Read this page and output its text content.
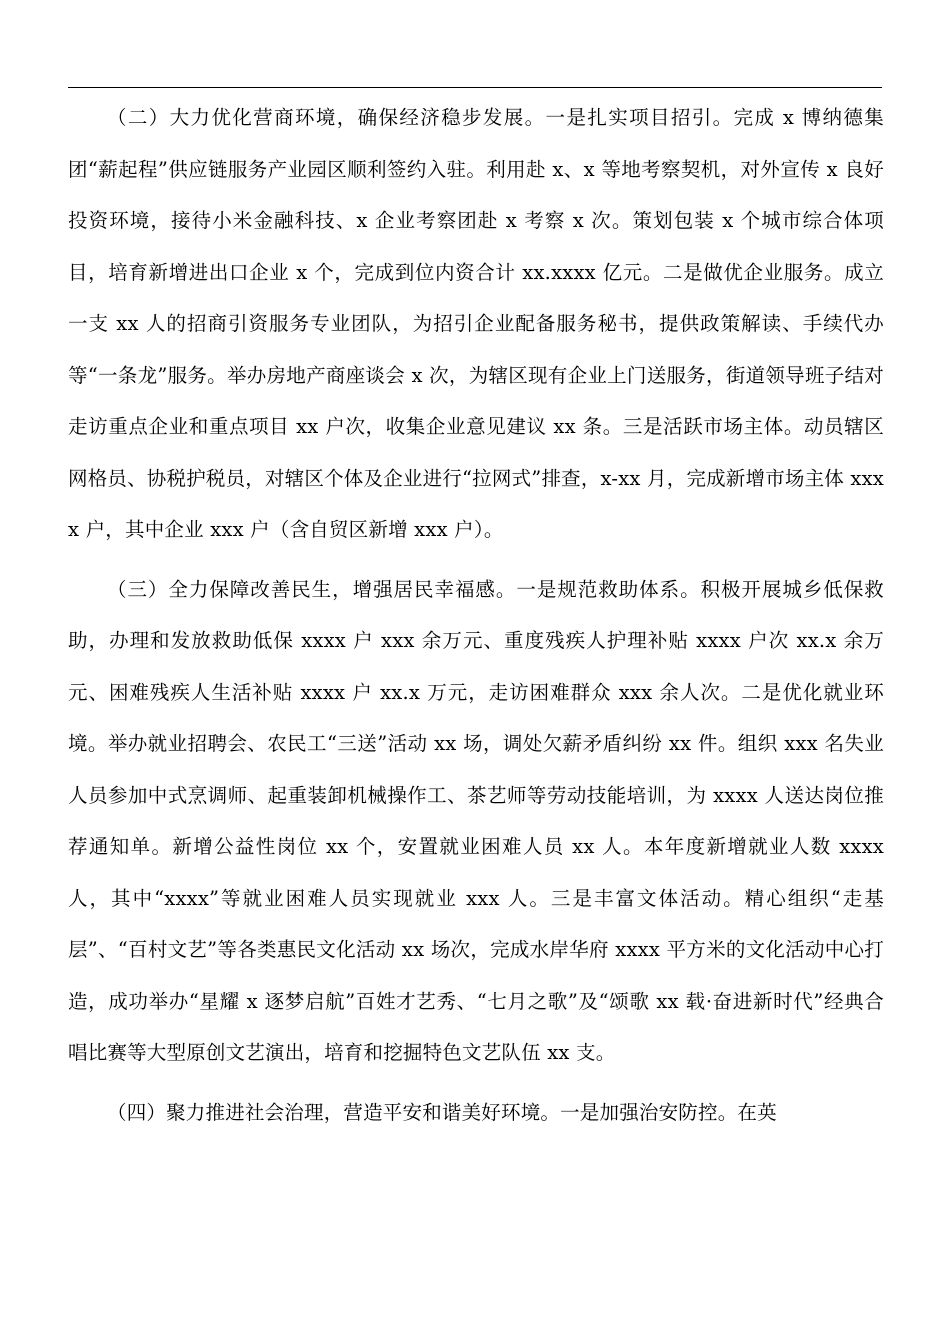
（二）大力优化营商环境，确保经济稳步发展。一是扎实项目招引。完成 x 博纳德集团“薪起程”供应链服务产业园区顺利签约入驻。利用赴 x、x 等地考察契机，对外宣传 x 良好投资环境，接待小米金融科技、x 企业考察团赴 x 考察 x 次。策划包装 x 个城市综合体项目，培育新增进出口企业 x 个，完成到位内资合计 xx.xxxx 亿元。二是做优企业服务。成立一支 xx 人的招商引资服务专业团队，为招引企业配备服务秘书，提供政策解读、手续代办等“一条龙”服务。举办房地产商座谈会 x 次，为辖区现有企业上门送服务，街道领导班子结对走访重点企业和重点项目 xx 户次，收集企业意见建议 xx 条。三是活跃市场主体。动员辖区网格员、协税护税员，对辖区个体及企业进行“拉网式”排查，x-xx 月，完成新增市场主体 xxxx 户，其中企业 xxx 户（含自贸区新增 xxx 户）。

（三）全力保障改善民生，增强居民幸福感。一是规范救助体系。积极开展城乡低保救助，办理和发放救助低保 xxxx 户 xxx 余万元、重度残疾人护理补贴 xxxx 户次 xx.x 余万元、困难残疾人生活补贴 xxxx 户 xx.x 万元，走访困难群众 xxx 余人次。二是优化就业环境。举办就业招聘会、农民工“三送”活动 xx 场，调处欠薪矛盾纠纷 xx 件。组织 xxx 名失业人员参加中式烹调师、起重装卸机械操作工、茶艺师等劳动技能培训，为 xxxx 人送达岗位推荐通知单。新增公益性岗位 xx 个，安置就业困难人员 xx 人。本年度新增就业人数 xxxx 人，其中“xxxx”等就业困难人员实现就业 xxx 人。三是丰富文体活动。精心组织“走基层”、“百村文艺”等各类惠民文化活动 xx 场次，完成水岸华府 xxxx 平方米的文化活动中心打造，成功举办“星耀 x 逐梦启航”百姓才艺秀、“七月之歌”及“颂歌 xx 载·奋进新时代”经典合唱比赛等大型原创文艺演出，培育和挖掘特色文艺队伍 xx 支。

（四）聚力推进社会治理，营造平安和谐美好环境。一是加强治安防控。在英
